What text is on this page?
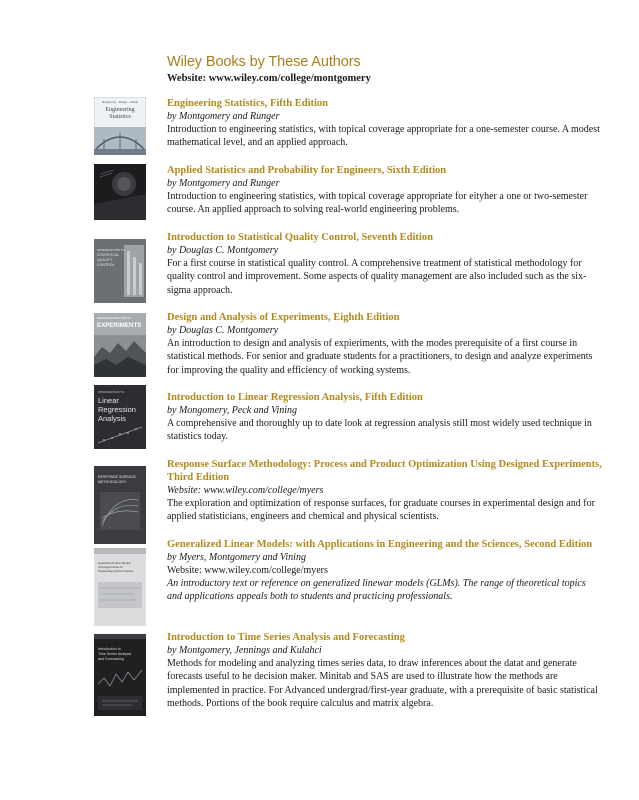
Wiley Books by These Authors
Website: www.wiley.com/college/montgomery
Montgomery · Runger · Hubele
Engineering
Statistics
Engineering Statistics, Fifth Edition
by Montgomery and Runger
Introduction to engineering statistics, with topical coverage appropriate for a one-semester course. A modest mathematical level, and an applied approach.
Applied Statistics and Probability for Engineers, Sixth Edition
by Montgomery and Runger
Introduction to engineering statistics, with topical coverage appropriate for eityher a one or two-semester course. An applied approach to solving real-world engineering problems.
INTRODUCTION TO
STATISTICAL
QUALITY
CONTROL
Introduction to Statistical Quality Control, Seventh Edition
by Douglas C. Montgomery
For a first course in statistical quality control. A comprehensive treatment of statistical methodology for quality control and improvement. Some aspects of quality management are also included such as the six-sigma approach.
DESIGN AND ANALYSIS OF
EXPERIMENTS
Design and Analysis of Experiments, Eighth Edition
by Douglas C. Montgomery
An introduction to design and analysis of expieriments, with the modes prerequisite of a first course in statistical methods. For senior and graduate students for a practitioners, to design and analyze experiments for improving the quality and efficiency of working systems.
INTRODUCTION TO
Linear
Regression
Analysis
Introduction to Linear Regression Analysis, Fifth Edition
by Mongomery, Peck and Vining
A comprehensive and thoroughly up to date look at regression analysis still most widely used technique in statistics today.
RESPONSE SURFACE
METHODOLOGY
Response Surface Methodology: Process and Product Optimization Using Designed Experiments, Third Edition
Website: www.wiley.com/college/myers
The exploration and optimization of response surfaces, for graduate courses in experimental design and for applied statisticians, engineers and chemical and physical scientists.
Generalized Linear Models
with Applications in
Engineering and the Sciences
Generalized Linear Models: with Applications in Engineering and the Sciences, Second Edition
by Myers, Montgomery and Vining
Website: www.wiley.com/college/myers
An introductory text or reference on generalized linewar models (GLMs). The range of theoretical topics and applications appeals both to students and practicing professionals.
Introduction to
Time Series Analysis
and Forecasting
Introduction to Time Series Analysis and Forecasting
by Montgomery, Jennings and Kulahci
Methods for modeling and analyzing times series data, to draw inferences about the datat and generate forecasts useful to he decision maker. Minitab and SAS are used to illustrate how the methods are implemented in practice. For Advanced undergrad/first-year graduate, with a prerequisite of basic statistical methods. Portions of the book require calculus and matrix algebra.
